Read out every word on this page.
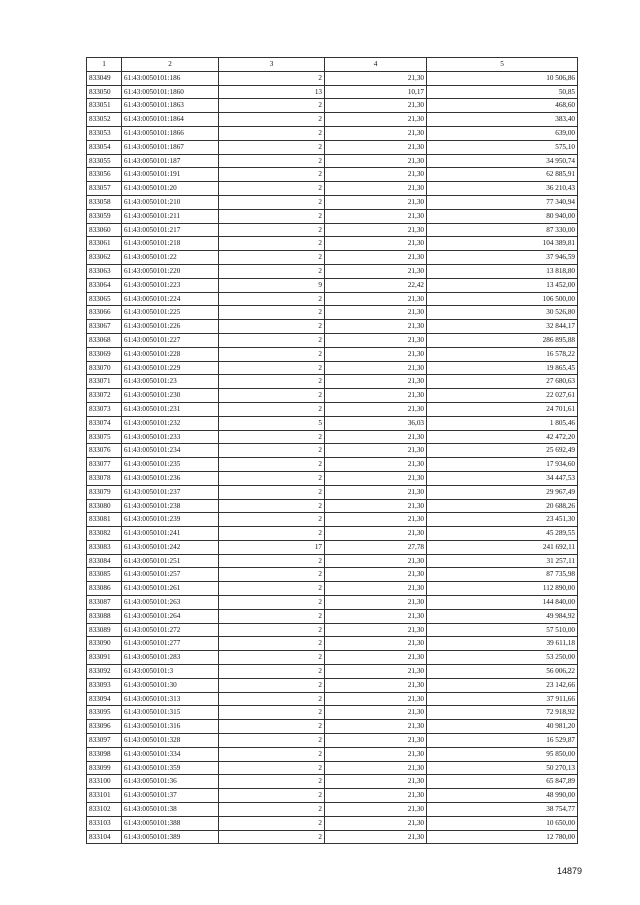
1	2	3	4	5
833049	61:43:0050101:186	2	21,30	10 506,86
833050	61:43:0050101:1860	13	10,17	50,85
833051	61:43:0050101:1863	2	21,30	468,60
833052	61:43:0050101:1864	2	21,30	383,40
833053	61:43:0050101:1866	2	21,30	639,00
833054	61:43:0050101:1867	2	21,30	575,10
833055	61:43:0050101:187	2	21,30	34 950,74
833056	61:43:0050101:191	2	21,30	62 885,91
833057	61:43:0050101:20	2	21,30	36 210,43
833058	61:43:0050101:210	2	21,30	77 340,94
833059	61:43:0050101:211	2	21,30	80 940,00
833060	61:43:0050101:217	2	21,30	87 330,00
833061	61:43:0050101:218	2	21,30	104 389,81
833062	61:43:0050101:22	2	21,30	37 946,59
833063	61:43:0050101:220	2	21,30	13 818,80
833064	61:43:0050101:223	9	22,42	13 452,00
833065	61:43:0050101:224	2	21,30	106 500,00
833066	61:43:0050101:225	2	21,30	30 526,80
833067	61:43:0050101:226	2	21,30	32 844,17
833068	61:43:0050101:227	2	21,30	286 895,88
833069	61:43:0050101:228	2	21,30	16 578,22
833070	61:43:0050101:229	2	21,30	19 865,45
833071	61:43:0050101:23	2	21,30	27 680,63
833072	61:43:0050101:230	2	21,30	22 027,61
833073	61:43:0050101:231	2	21,30	24 701,61
833074	61:43:0050101:232	5	36,03	1 805,46
833075	61:43:0050101:233	2	21,30	42 472,20
833076	61:43:0050101:234	2	21,30	25 692,49
833077	61:43:0050101:235	2	21,30	17 934,60
833078	61:43:0050101:236	2	21,30	34 447,53
833079	61:43:0050101:237	2	21,30	29 967,49
833080	61:43:0050101:238	2	21,30	20 688,26
833081	61:43:0050101:239	2	21,30	23 451,30
833082	61:43:0050101:241	2	21,30	45 289,55
833083	61:43:0050101:242	17	27,78	241 692,11
833084	61:43:0050101:251	2	21,30	31 257,11
833085	61:43:0050101:257	2	21,30	87 735,98
833086	61:43:0050101:261	2	21,30	112 890,00
833087	61:43:0050101:263	2	21,30	144 840,00
833088	61:43:0050101:264	2	21,30	49 984,92
833089	61:43:0050101:272	2	21,30	57 510,00
833090	61:43:0050101:277	2	21,30	39 611,18
833091	61:43:0050101:283	2	21,30	53 250,00
833092	61:43:0050101:3	2	21,30	56 006,22
833093	61:43:0050101:30	2	21,30	23 142,66
833094	61:43:0050101:313	2	21,30	37 911,66
833095	61:43:0050101:315	2	21,30	72 918,92
833096	61:43:0050101:316	2	21,30	40 981,20
833097	61:43:0050101:328	2	21,30	16 529,87
833098	61:43:0050101:334	2	21,30	95 850,00
833099	61:43:0050101:359	2	21,30	50 270,13
833100	61:43:0050101:36	2	21,30	65 847,89
833101	61:43:0050101:37	2	21,30	48 990,00
833102	61:43:0050101:38	2	21,30	38 754,77
833103	61:43:0050101:388	2	21,30	10 650,00
833104	61:43:0050101:389	2	21,30	12 780,00
14879
